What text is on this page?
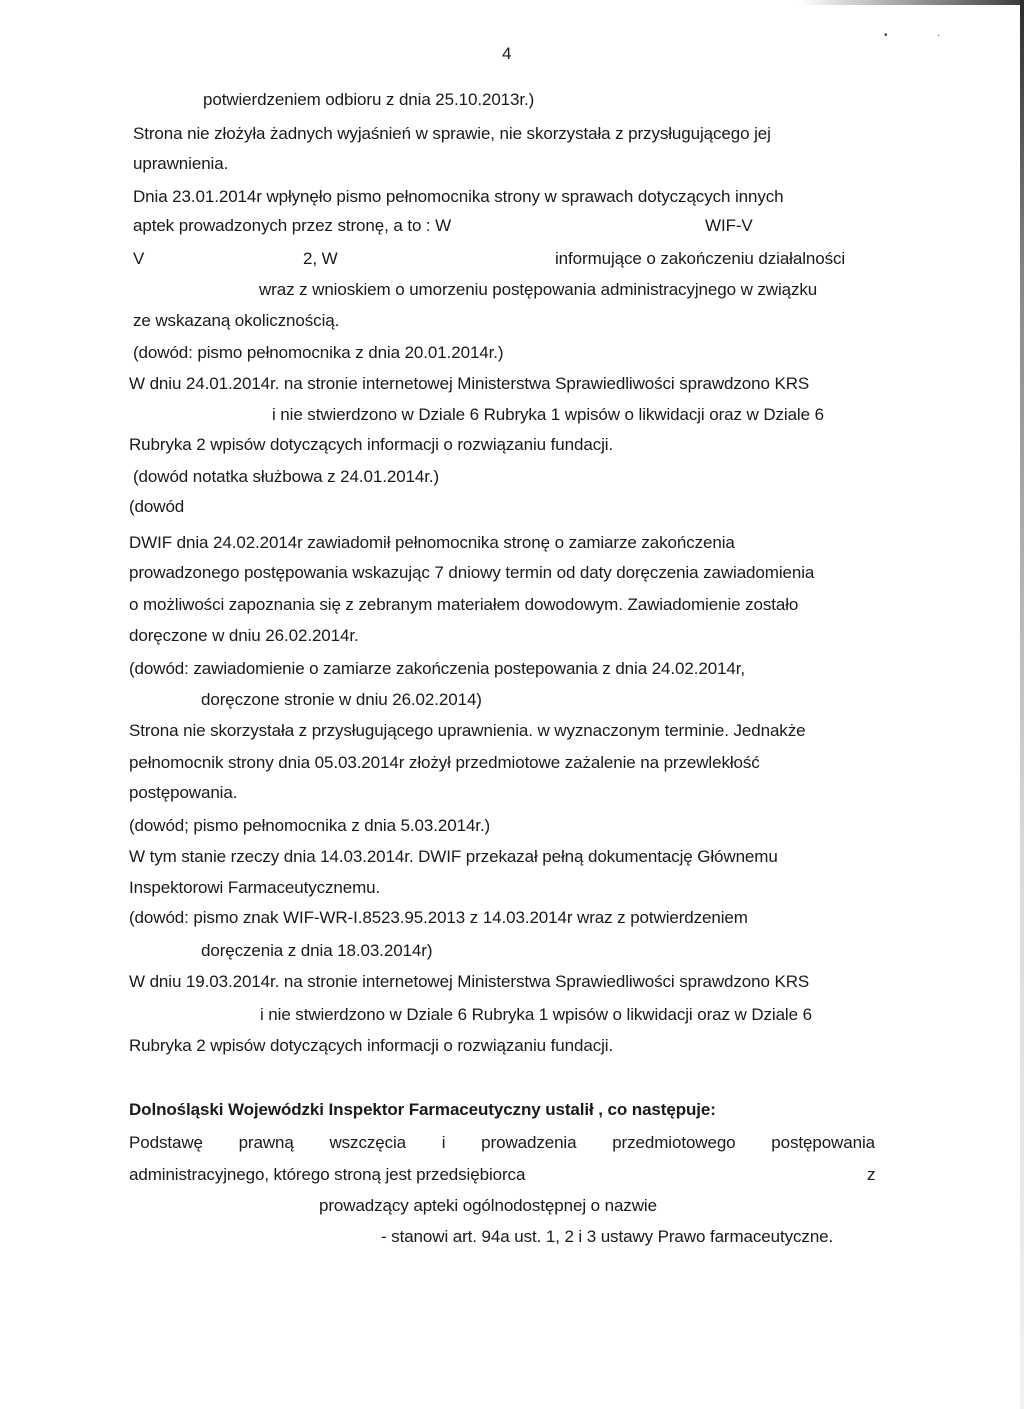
•	·
4
potwierdzeniem odbioru z dnia 25.10.2013r.)
Strona nie złożyła żadnych wyjaśnień w sprawie, nie skorzystała z przysługującego jej
uprawnienia.
Dnia 23.01.2014r wpłynęło pismo pełnomocnika strony w sprawach dotyczących innych
aptek prowadzonych przez stronę, a to : W	WIF-V
V	2, W	informujące o zakończeniu działalności
wraz z wnioskiem o umorzeniu postępowania administracyjnego w związku
ze wskazaną okolicznością.
(dowód: pismo pełnomocnika z dnia 20.01.2014r.)
W dniu 24.01.2014r. na stronie internetowej Ministerstwa Sprawiedliwości sprawdzono KRS
i nie stwierdzono w Dziale 6 Rubryka 1 wpisów o likwidacji oraz w Dziale 6
Rubryka 2 wpisów dotyczących informacji o rozwiązaniu fundacji.
(dowód notatka służbowa z 24.01.2014r.)
(dowód
DWIF dnia 24.02.2014r zawiadomił pełnomocnika stronę o zamiarze zakończenia
prowadzonego postępowania wskazując 7 dniowy termin od daty doręczenia zawiadomienia
o możliwości zapoznania się z zebranym materiałem dowodowym. Zawiadomienie zostało
doręczone w dniu 26.02.2014r.
(dowód: zawiadomienie o zamiarze zakończenia postepowania z dnia 24.02.2014r,
doręczone stronie w dniu 26.02.2014)
Strona nie skorzystała z przysługującego uprawnienia. w wyznaczonym terminie. Jednakże
pełnomocnik strony dnia 05.03.2014r złożył przedmiotowe zażalenie na przewlekłość
postępowania.
(dowód; pismo pełnomocnika z dnia 5.03.2014r.)
W tym stanie rzeczy dnia 14.03.2014r. DWIF przekazał pełną dokumentację Głównemu
Inspektorowi Farmaceutycznemu.
(dowód: pismo znak WIF-WR-I.8523.95.2013 z 14.03.2014r wraz z potwierdzeniem
doręczenia z dnia 18.03.2014r)
W dniu 19.03.2014r. na stronie internetowej Ministerstwa Sprawiedliwości sprawdzono KRS
i nie stwierdzono w Dziale 6 Rubryka 1 wpisów o likwidacji oraz w Dziale 6
Rubryka 2 wpisów dotyczących informacji o rozwiązaniu fundacji.
Dolnośląski Wojewódzki Inspektor Farmaceutyczny ustalił , co następuje:
Podstawę prawną wszczęcia i prowadzenia przedmiotowego postępowania
administracyjnego, którego stroną jest przedsiębiorca	z
prowadzący apteki ogólnodostępnej o nazwie
- stanowi art. 94a ust. 1, 2 i 3 ustawy Prawo farmaceutyczne.
